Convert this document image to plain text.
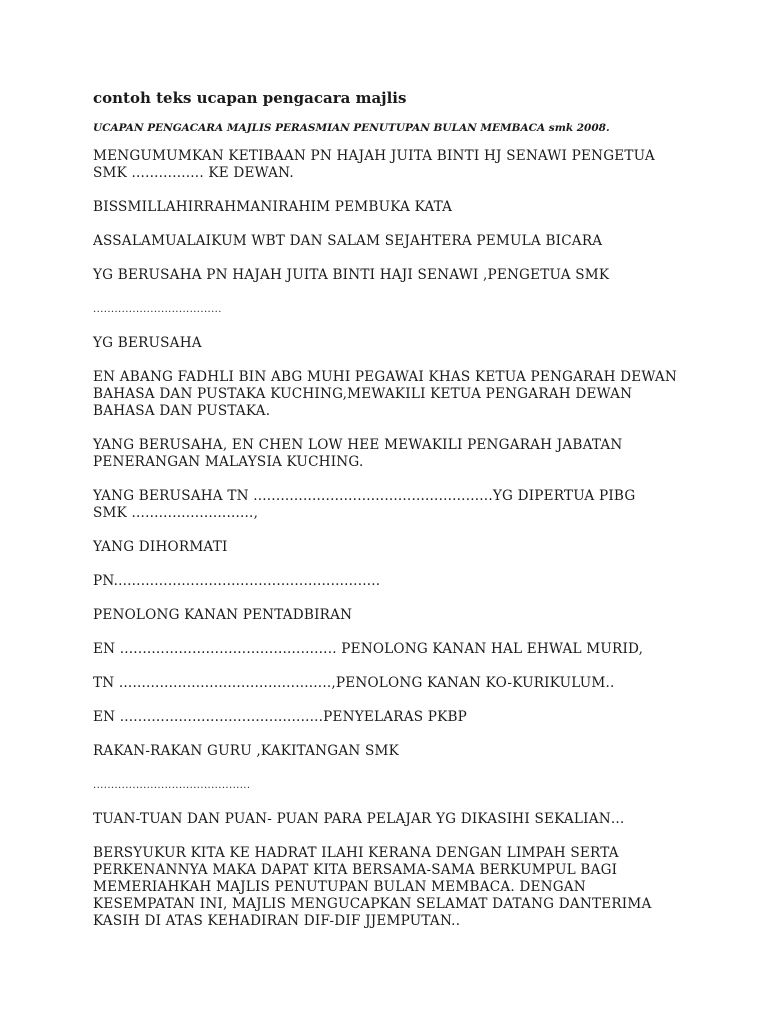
contoh teks ucapan pengacara majlis
UCAPAN PENGACARA MAJLIS PERASMIAN PENUTUPAN BULAN MEMBACA smk 2008.
MENGUMUMKAN KETIBAAN PN HAJAH JUITA BINTI HJ SENAWI PENGETUA
SMK ................ KE DEWAN.
BISSMILLAHIRRAHMANIRAHIM PEMBUKA KATA
ASSALAMUALAIKUM WBT DAN SALAM SEJAHTERA PEMULA BICARA
YG BERUSAHA PN HAJAH JUITA BINTI HAJI SENAWI ,PENGETUA SMK
....................................
YG BERUSAHA
EN ABANG FADHLI BIN ABG MUHI PEGAWAI KHAS KETUA PENGARAH DEWAN
BAHASA DAN PUSTAKA KUCHING,MEWAKILI KETUA PENGARAH DEWAN
BAHASA DAN PUSTAKA.
YANG BERUSAHA, EN CHEN LOW HEE MEWAKILI PENGARAH JABATAN
PENERANGAN MALAYSIA KUCHING.
YANG BERUSAHA TN .....................................................YG DIPERTUA PIBG
SMK ...........................,
YANG DIHORMATI
PN...........................................................
PENOLONG KANAN PENTADBIRAN
EN ................................................ PENOLONG KANAN HAL EHWAL MURID,
TN ...............................................,PENOLONG KANAN KO-KURIKULUM..
EN .............................................PENYELARAS PKBP
RAKAN-RAKAN GURU ,KAKITANGAN SMK
............................................
TUAN-TUAN DAN PUAN- PUAN PARA PELAJAR YG DIKASIHI SEKALIAN…
BERSYUKUR KITA KE HADRAT ILAHI KERANA DENGAN LIMPAH SERTA
PERKENANNYA MAKA DAPAT KITA BERSAMA-SAMA BERKUMPUL BAGI
MEMERIAHKAH MAJLIS PENUTUPAN BULAN MEMBACA. DENGAN
KESEMPATAN INI, MAJLIS MENGUCAPKAN SELAMAT DATANG DANTERIMA
KASIH DI ATAS KEHADIRAN DIF-DIF JJEMPUTAN..
